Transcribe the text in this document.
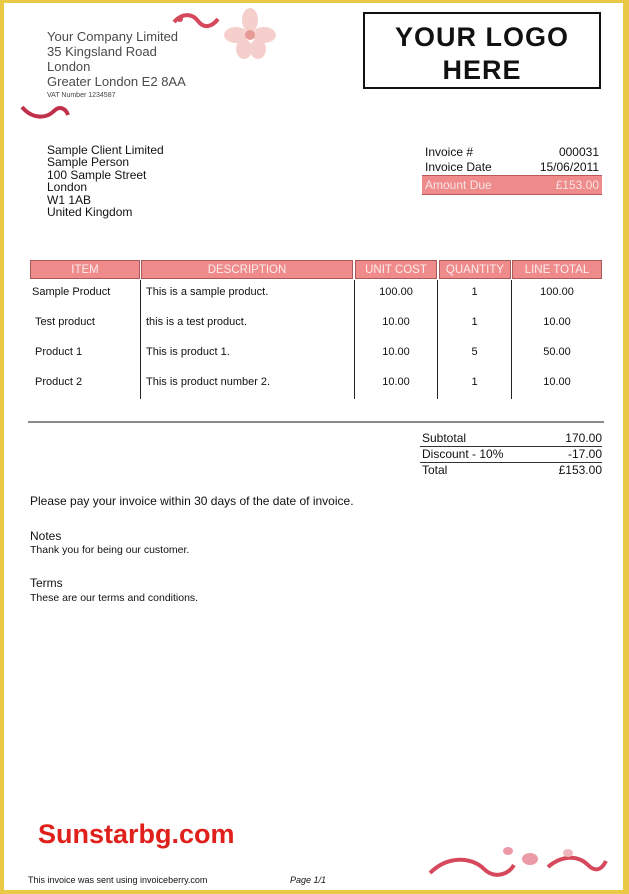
Your Company Limited
35 Kingsland Road
London
Greater London E2 8AA
VAT Number 1234587
YOUR LOGO
HERE
Sample Client Limited
Sample Person
100 Sample Street
London
W1 1AB
United Kingdom
Invoice #	000031
Invoice Date	15/06/2011
Amount Due	£153.00
ITEM	DESCRIPTION	UNIT COST	QUANTITY	LINE TOTAL
Sample Product	This is a sample product.	100.00	1	100.00
Test product	this is a test product.	10.00	1	10.00
Product 1	This is product 1.	10.00	5	50.00
Product 2	This is product number 2.	10.00	1	10.00
Subtotal	170.00
Discount - 10%	-17.00
Total	£153.00
Please pay your invoice within 30 days of the date of invoice.
Notes
Thank you for being our customer.
Terms
These are our terms and conditions.
Sunstarbg.com
This invoice was sent using invoiceberry.com	Page 1/1
